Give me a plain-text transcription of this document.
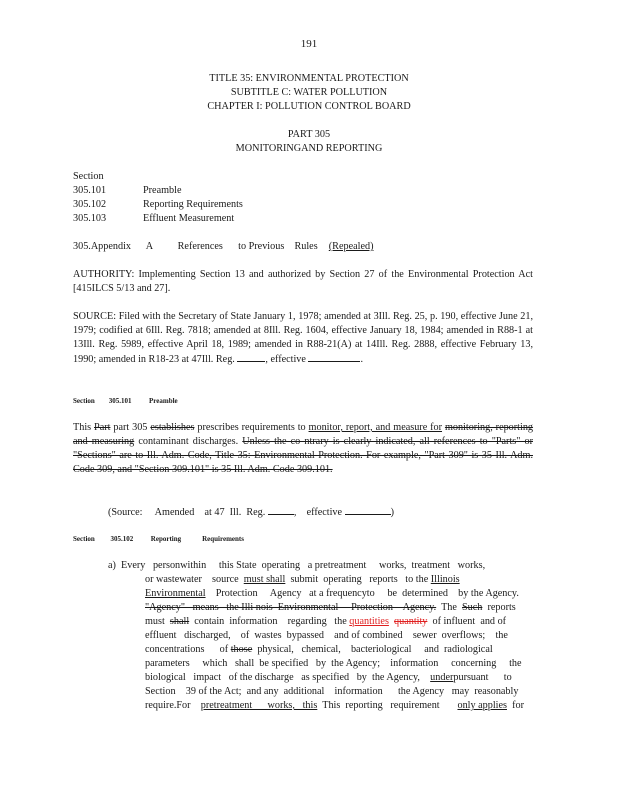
191
TITLE 35: ENVIRONMENTAL PROTECTION
SUBTITLE C: WATER POLLUTION
CHAPTER I: POLLUTION CONTROL BOARD
PART 305
MONITORINGAND REPORTING
Section
305.101	Preamble
305.102	Reporting Requirements
305.103	Effluent Measurement
305.Appendix      A References      to Previous    Rules (Repealed)
AUTHORITY: Implementing Section 13 and authorized by Section 27 of the Environmental Protection Act [415ILCS 5/13 and 27].
SOURCE: Filed with the Secretary of State January 1, 1978; amended at 3Ill. Reg. 25, p. 190, effective June 21, 1979; codified at 6Ill. Reg. 7818; amended at 8Ill. Reg. 1604, effective January 18, 1984; amended in R88-1 at 13Ill. Reg. 5989, effective April 18, 1989; amended in R88-21(A) at 14Ill. Reg. 2888, effective February 13, 1990; amended in R18-23 at 47Ill. Reg.	, effective	.
Section        305.101          Preamble
This Part part 305 establishes prescribes requirements to monitor, report, and measure for monitoring, reporting and measuring contaminant discharges. Unless the co ntrary is clearly indicated, all references to "Parts" or "Sections" are to Ill. Adm. Code, Title 35: Environmental Protection. For example, "Part 309" is 35 Ill. Adm. Code 309, and "Section 309.101" is 35 Ill. Adm. Code 309.101.
(Source:     Amended    at 47  Ill.  Reg.	,    effective	)
Section         305.102          Reporting            Requirements
a) Every   personwithin     this State  operating   a pretreatment     works,  treatment   works,
or wastewater    source  must shall  submit  operating   reports   to the Illinois
Environmental    Protection     Agency   at a frequencyto     be  determined    by the Agency.
"Agency"   means   the Illi nois  Environmental     Protection    Agency.  The  Such  reports
must  shall  contain  information    regarding   the quantities quantity  of influent  and of
effluent   discharged,    of  wastes  bypassed    and of combined    sewer  overflows;    the
concentrations      of those  physical,   chemical,    bacteriological     and  radiological
parameters     which   shall  be specified   by  the Agency;    information     concerning     the
biological   impact   of the discharge   as specified   by  the Agency,    underpursuant      to
Section    39 of the Act;  and any  additional    information      the Agency   may  reasonably
require.For    pretreatment      works,   this  This  reporting   requirement       only applies for
